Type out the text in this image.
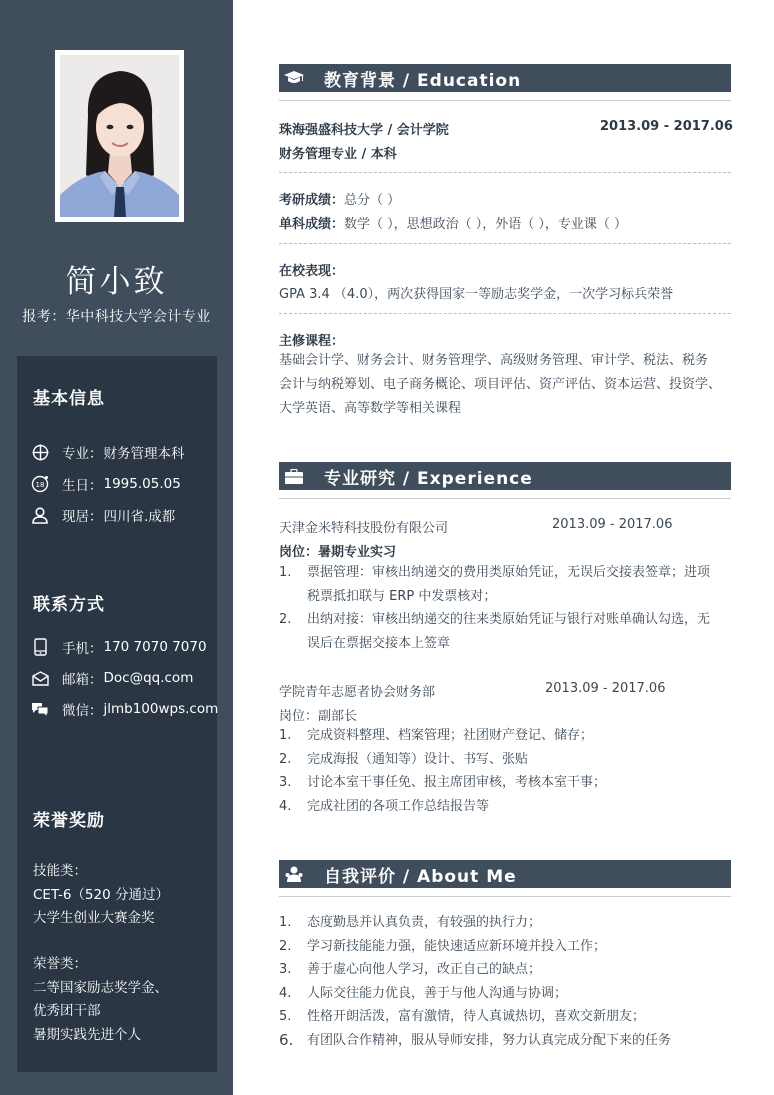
简小致
报考：华中科技大学会计专业
基本信息
专业： 财务管理本科
18 生日： 1995.05.05
现居： 四川省.成都
联系方式
手机： 170 7070 7070
邮箱： Doc@qq.com
微信： jlmb100wps.com
荣誉奖励
技能类：
CET-6（520 分通过）
大学生创业大赛金奖
荣誉类：
二等国家励志奖学金、
优秀团干部
暑期实践先进个人
教育背景 / Education
珠海强盛科技大学 / 会计学院	2013.09 - 2017.06
财务管理专业 / 本科
考研成绩：总分（ ）
单科成绩：数学（ ），思想政治（ ），外语（ ），专业课（ ）
在校表现：
GPA 3.4 （4.0），两次获得国家一等励志奖学金，一次学习标兵荣誉
主修课程：
基础会计学、财务会计、财务管理学、高级财务管理、审计学、税法、税务
会计与纳税筹划、电子商务概论、项目评估、资产评估、资本运营、投资学、
大学英语、高等数学等相关课程
专业研究 / Experience
天津金米特科技股份有限公司	2013.09 - 2017.06
岗位：暑期专业实习
1. 票据管理：审核出纳递交的费用类原始凭证，无误后交接表签章；进项
税票抵扣联与 ERP 中发票核对；
2. 出纳对接：审核出纳递交的往来类原始凭证与银行对账单确认勾选，无
误后在票据交接本上签章
学院青年志愿者协会财务部	2013.09 - 2017.06
岗位：副部长
1. 完成资料整理、档案管理；社团财产登记、储存；
2. 完成海报（通知等）设计、书写、张贴
3. 讨论本室干事任免、报主席团审核，考核本室干事；
4. 完成社团的各项工作总结报告等
自我评价 / About Me
1. 态度勤恳并认真负责，有较强的执行力；
2. 学习新技能能力强，能快速适应新环境并投入工作；
3. 善于虚心向他人学习，改正自己的缺点；
4. 人际交往能力优良，善于与他人沟通与协调；
5. 性格开朗活泼，富有激情，待人真诚热切，喜欢交新朋友；
6. 有团队合作精神，服从导师安排，努力认真完成分配下来的任务
